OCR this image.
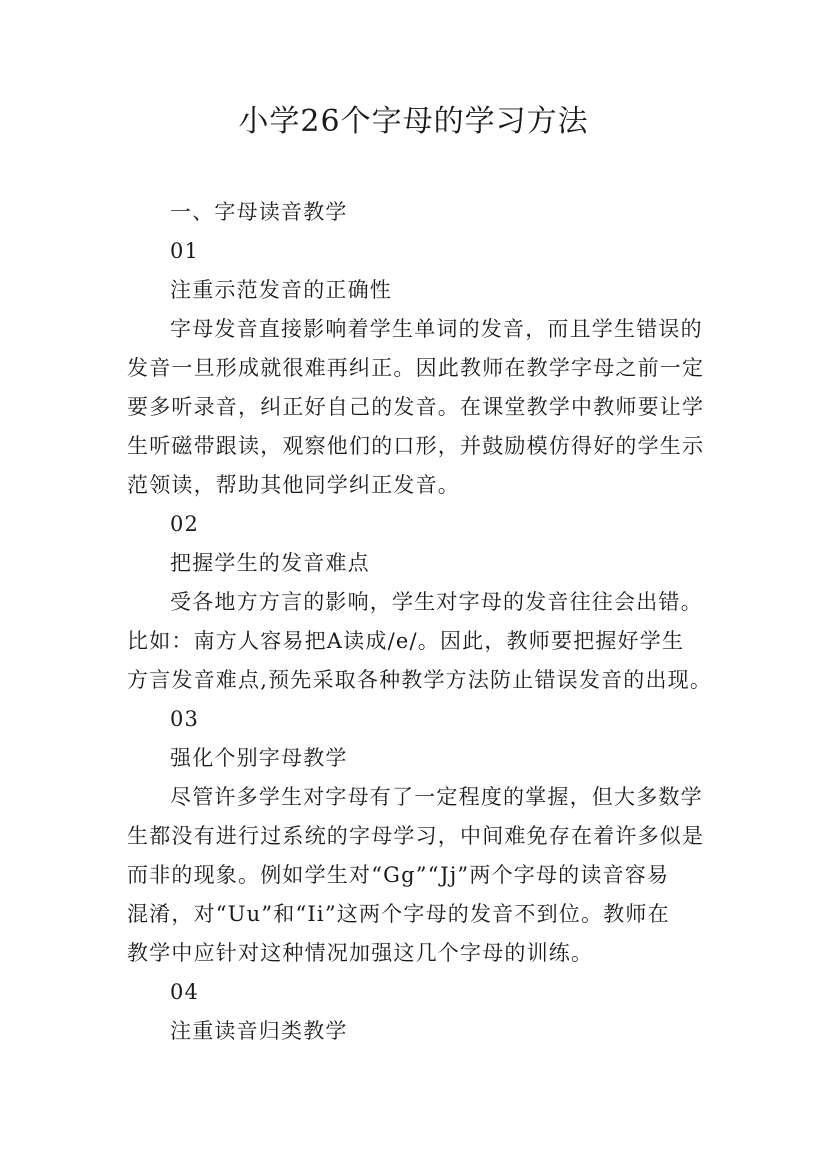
小学26个字母的学习方法
一、字母读音教学
01
注重示范发音的正确性
字母发音直接影响着学生单词的发音，而且学生错误的
发音一旦形成就很难再纠正。因此教师在教学字母之前一定
要多听录音，纠正好自己的发音。在课堂教学中教师要让学
生听磁带跟读，观察他们的口形，并鼓励模仿得好的学生示
范领读，帮助其他同学纠正发音。
02
把握学生的发音难点
受各地方方言的影响，学生对字母的发音往往会出错。
比如：南方人容易把A读成/e/。因此，教师要把握好学生
方言发音难点,预先采取各种教学方法防止错误发音的出现。
03
强化个别字母教学
尽管许多学生对字母有了一定程度的掌握，但大多数学
生都没有进行过系统的字母学习，中间难免存在着许多似是
而非的现象。例如学生对“Gg”“Jj”两个字母的读音容易
混淆，对“Uu”和“Ii”这两个字母的发音不到位。教师在
教学中应针对这种情况加强这几个字母的训练。
04
注重读音归类教学
